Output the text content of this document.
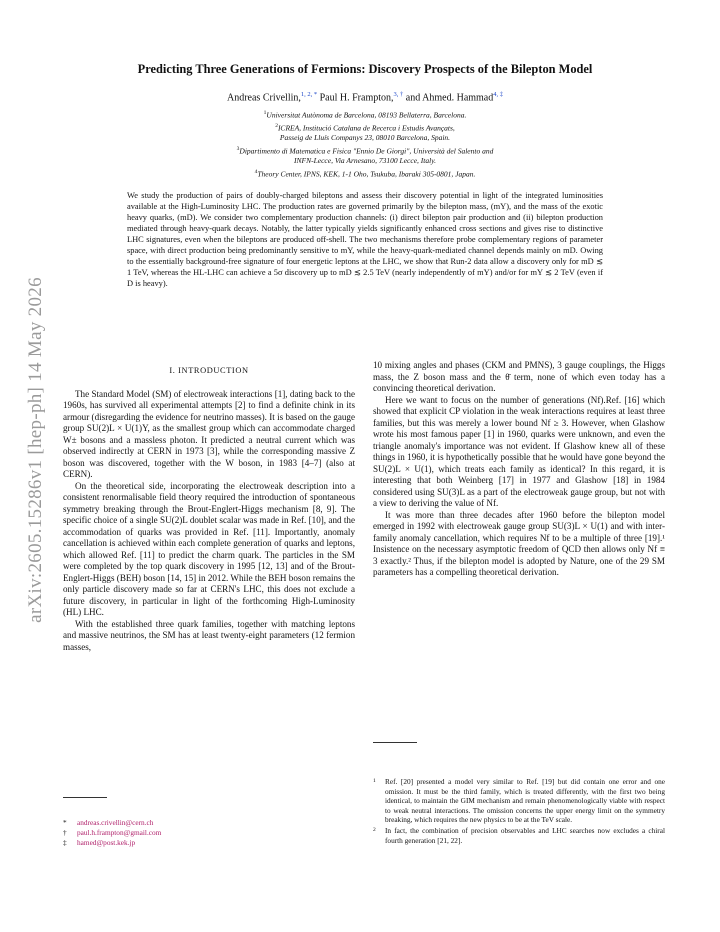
arXiv:2605.15286v1 [hep-ph] 14 May 2026
Predicting Three Generations of Fermions: Discovery Prospects of the Bilepton Model
Andreas Crivellin,$^{1, 2, *}$ Paul H. Frampton,$^{3, \dagger}$ and Ahmed. Hammad$^{4, \ddagger}$
$^1$Universitat Autònoma de Barcelona, 08193 Bellaterra, Barcelona.
$^2$ICREA, Institució Catalana de Recerca i Estudis Avançats,
Passeig de Lluís Companys 23, 08010 Barcelona, Spain.
$^3$Dipartimento di Matematica e Fisica "Ennio De Giorgi", Università del Salento and
INFN-Lecce, Via Arnesano, 73100 Lecce, Italy.
$^4$Theory Center, IPNS, KEK, 1-1 Oho, Tsukuba, Ibaraki 305-0801, Japan.
We study the production of pairs of doubly-charged bileptons and assess their discovery potential in light of the integrated luminosities available at the High-Luminosity LHC. The production rates are governed primarily by the bilepton mass, (mY), and the mass of the exotic heavy quarks, (mD). We consider two complementary production channels: (i) direct bilepton pair production and (ii) bilepton production mediated through heavy-quark decays. Notably, the latter typically yields significantly enhanced cross sections and gives rise to distinctive LHC signatures, even when the bileptons are produced off-shell. The two mechanisms therefore probe complementary regions of parameter space, with direct production being predominantly sensitive to mY, while the heavy-quark-mediated channel depends mainly on mD. Owing to the essentially background-free signature of four energetic leptons at the LHC, we show that Run-2 data allow a discovery only for mD ≲ 1 TeV, whereas the HL-LHC can achieve a 5σ discovery up to mD ≲ 2.5 TeV (nearly independently of mY) and/or for mY ≲ 2 TeV (even if D is heavy).
I. INTRODUCTION

The Standard Model (SM) of electroweak interactions [1], dating back to the 1960s, has survived all experimental attempts [2] to find a definite chink in its armour (disregarding the evidence for neutrino masses). It is based on the gauge group SU(2)L × U(1)Y, as the smallest group which can accommodate charged W± bosons and a massless photon. It predicted a neutral current which was observed indirectly at CERN in 1973 [3], while the corresponding massive Z boson was discovered, together with the W boson, in 1983 [4–7] (also at CERN).

On the theoretical side, incorporating the electroweak description into a consistent renormalisable field theory required the introduction of spontaneous symmetry breaking through the Brout-Englert-Higgs mechanism [8, 9]. The specific choice of a single SU(2)L doublet scalar was made in Ref. [10], and the accommodation of quarks was provided in Ref. [11]. Importantly, anomaly cancellation is achieved within each complete generation of quarks and leptons, which allowed Ref. [11] to predict the charm quark. The particles in the SM were completed by the top quark discovery in 1995 [12, 13] and of the Brout-Englert-Higgs (BEH) boson [14, 15] in 2012. While the BEH boson remains the only particle discovery made so far at CERN's LHC, this does not exclude a future discovery, in particular in light of the forthcoming High-Luminosity (HL) LHC.

With the established three quark families, together with matching leptons and massive neutrinos, the SM has at least twenty-eight parameters (12 fermion masses,

10 mixing angles and phases (CKM and PMNS), 3 gauge couplings, the Higgs mass, the Z boson mass and the θ̄ term, none of which even today has a convincing theoretical derivation.

Here we want to focus on the number of generations (Nf).Ref. [16] which showed that explicit CP violation in the weak interactions requires at least three families, but this was merely a lower bound Nf ≥ 3. However, when Glashow wrote his most famous paper [1] in 1960, quarks were unknown, and even the triangle anomaly's importance was not evident. If Glashow knew all of these things in 1960, it is hypothetically possible that he would have gone beyond the SU(2)L × U(1), which treats each family as identical? In this regard, it is interesting that both Weinberg [17] in 1977 and Glashow [18] in 1984 considered using SU(3)L as a part of the electroweak gauge group, but not with a view to deriving the value of Nf.

It was more than three decades after 1960 before the bilepton model emerged in 1992 with electroweak gauge group SU(3)L × U(1) and with inter-family anomaly cancellation, which requires Nf to be a multiple of three [19].¹ Insistence on the necessary asymptotic freedom of QCD then allows only Nf ≡ 3 exactly.² Thus, if the bilepton model is adopted by Nature, one of the 29 SM parameters has a compelling theoretical derivation.

*	andreas.crivellin@cern.ch
†	paul.h.frampton@gmail.com
‡	hamed@post.kek.jp
1	Ref. [20] presented a model very similar to Ref. [19] but did contain one error and one omission. It must be the third family, which is treated differently, with the first two being identical, to maintain the GIM mechanism and remain phenomenologically viable with respect to weak neutral interactions. The omission concerns the upper energy limit on the symmetry breaking, which requires the new physics to be at the TeV scale.
2	In fact, the combination of precision observables and LHC searches now excludes a chiral fourth generation [21, 22].
